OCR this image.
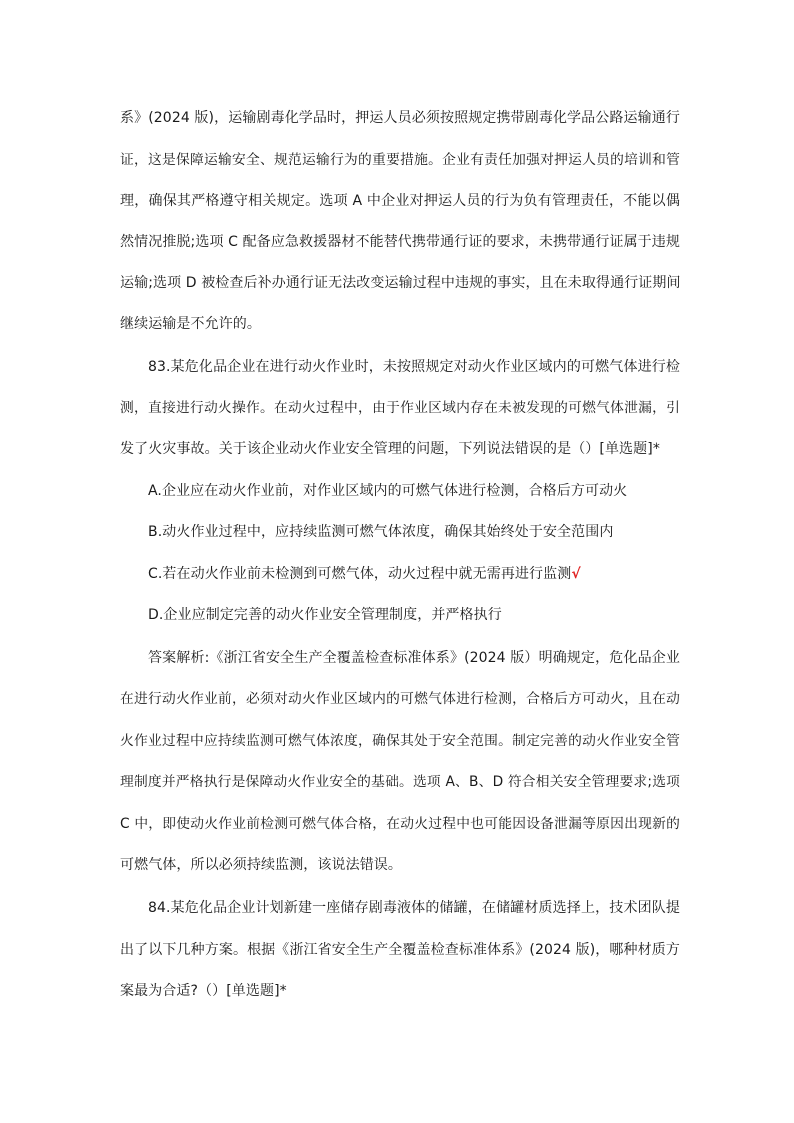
系》(2024 版)，运输剧毒化学品时，押运人员必须按照规定携带剧毒化学品公路运输通行
证，这是保障运输安全、规范运输行为的重要措施。企业有责任加强对押运人员的培训和管
理，确保其严格遵守相关规定。选项 A 中企业对押运人员的行为负有管理责任，不能以偶
然情况推脱;选项 C 配备应急救援器材不能替代携带通行证的要求，未携带通行证属于违规
运输;选项 D 被检查后补办通行证无法改变运输过程中违规的事实，且在未取得通行证期间
继续运输是不允许的。
83.某危化品企业在进行动火作业时，未按照规定对动火作业区域内的可燃气体进行检
测，直接进行动火操作。在动火过程中，由于作业区域内存在未被发现的可燃气体泄漏，引
发了火灾事故。关于该企业动火作业安全管理的问题，下列说法错误的是（）[单选题]*
A.企业应在动火作业前，对作业区域内的可燃气体进行检测，合格后方可动火
B.动火作业过程中，应持续监测可燃气体浓度，确保其始终处于安全范围内
C.若在动火作业前未检测到可燃气体，动火过程中就无需再进行监测√
D.企业应制定完善的动火作业安全管理制度，并严格执行
答案解析:《浙江省安全生产全覆盖检查标准体系》(2024 版）明确规定，危化品企业
在进行动火作业前，必须对动火作业区域内的可燃气体进行检测，合格后方可动火，且在动
火作业过程中应持续监测可燃气体浓度，确保其处于安全范围。制定完善的动火作业安全管
理制度并严格执行是保障动火作业安全的基础。选项 A、B、D 符合相关安全管理要求;选项
C 中，即使动火作业前检测可燃气体合格，在动火过程中也可能因设备泄漏等原因出现新的
可燃气体，所以必须持续监测，该说法错误。
84.某危化品企业计划新建一座储存剧毒液体的储罐，在储罐材质选择上，技术团队提
出了以下几种方案。根据《浙江省安全生产全覆盖检查标准体系》(2024 版)，哪种材质方
案最为合适?（）[单选题]*
